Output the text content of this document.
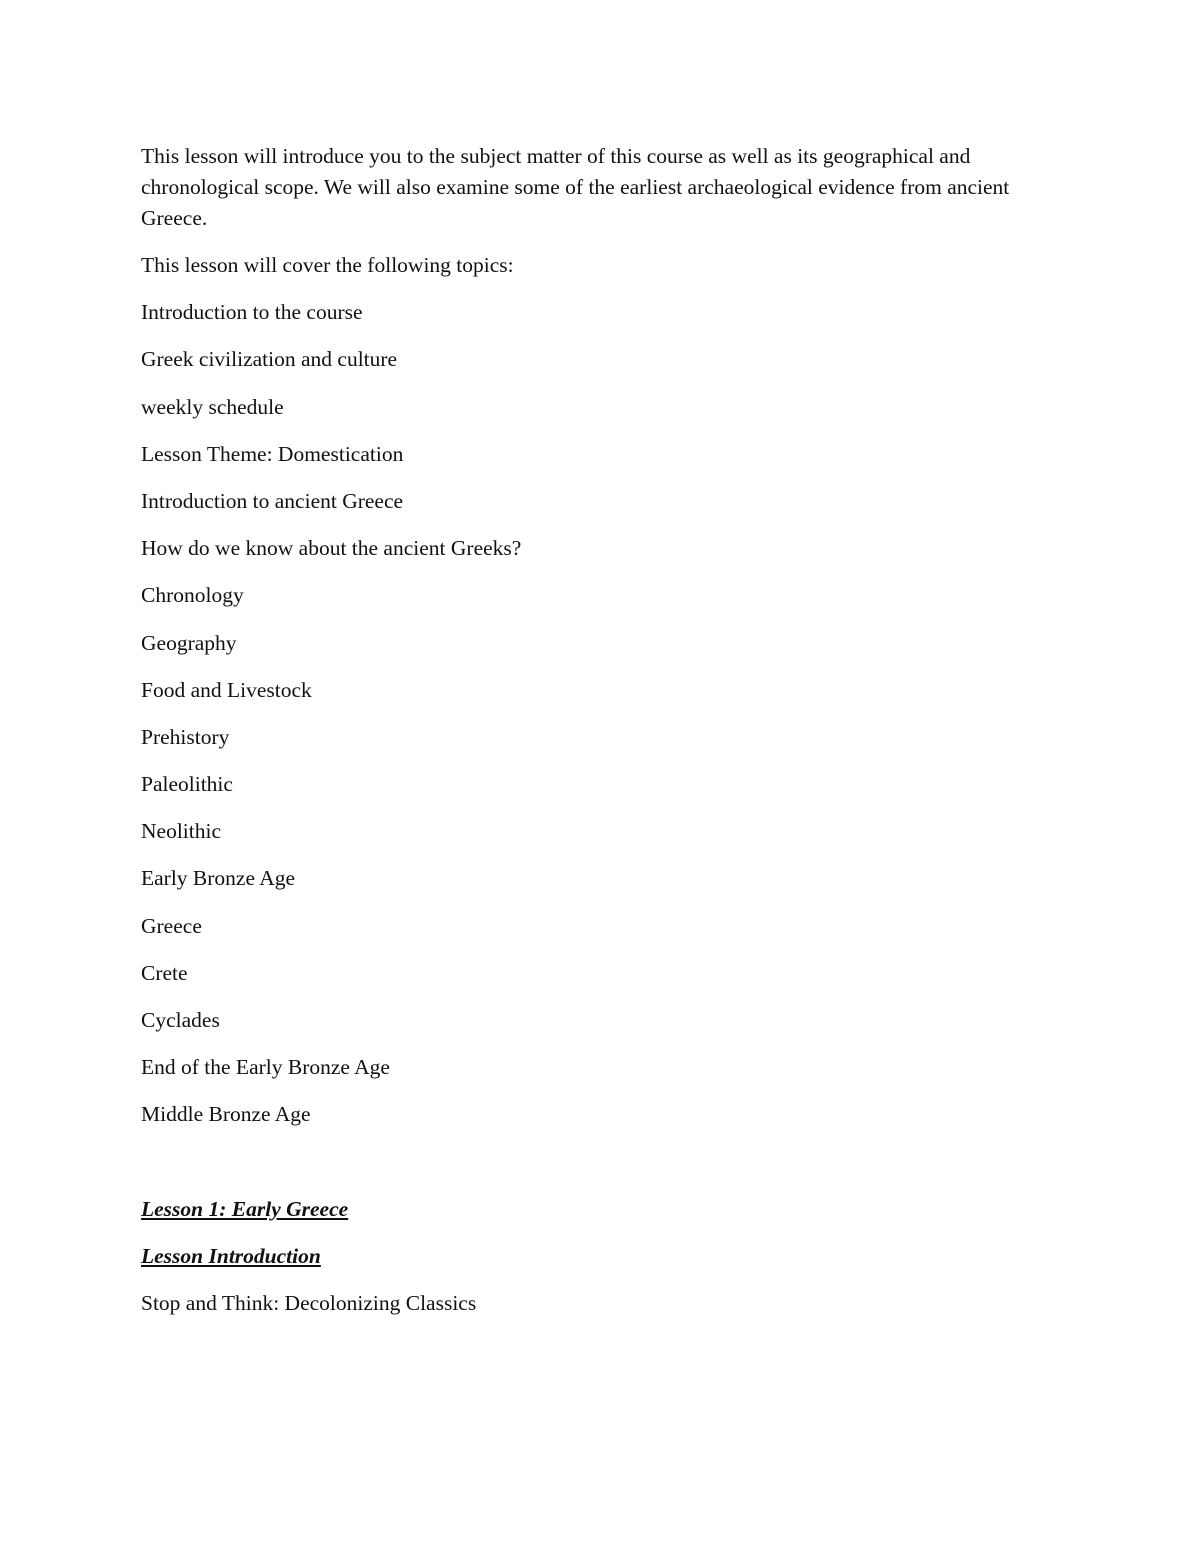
This lesson will introduce you to the subject matter of this course as well as its geographical and chronological scope. We will also examine some of the earliest archaeological evidence from ancient Greece.

This lesson will cover the following topics:
Introduction to the course
Greek civilization and culture
weekly schedule
Lesson Theme: Domestication
Introduction to ancient Greece
How do we know about the ancient Greeks?
Chronology
Geography
Food and Livestock
Prehistory
Paleolithic
Neolithic
Early Bronze Age
Greece
Crete
Cyclades
End of the Early Bronze Age
Middle Bronze Age
Lesson 1: Early Greece
Lesson Introduction
Stop and Think: Decolonizing Classics
